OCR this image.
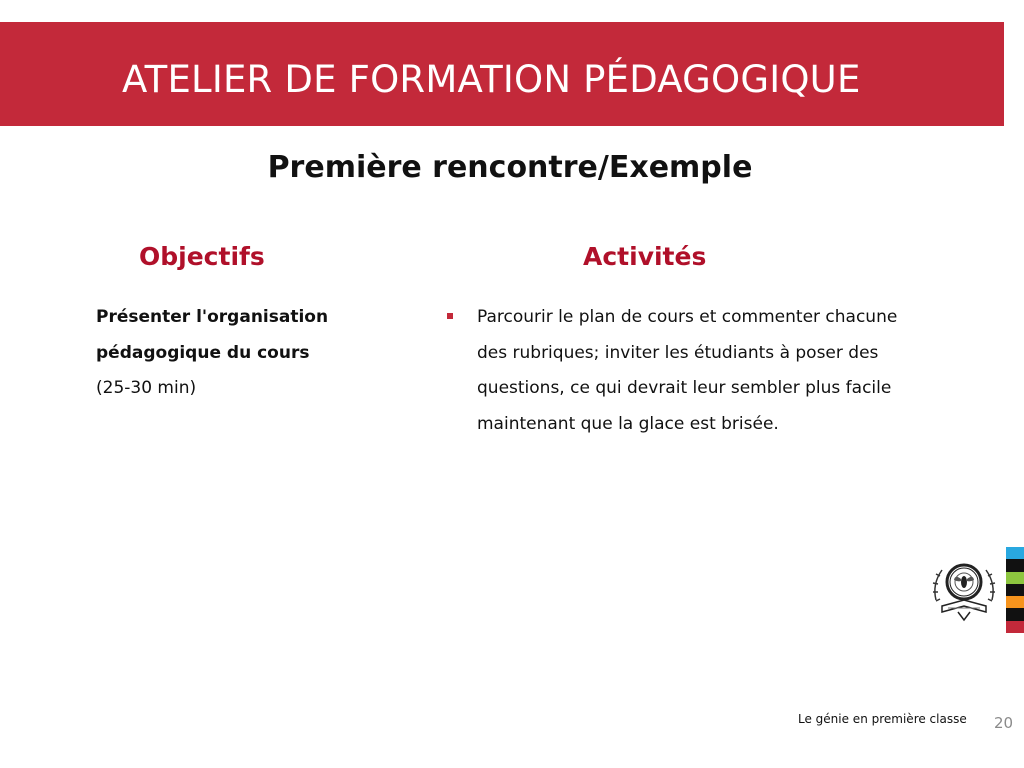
ATELIER DE FORMATION PÉDAGOGIQUE
Première rencontre/Exemple
Objectifs	Activités
Présenter l'organisation
pédagogique du cours
(25-30 min)
Parcourir le plan de cours et commenter chacune des rubriques; inviter les étudiants à poser des questions, ce qui devrait leur sembler plus facile maintenant que la glace est brisée.
Le génie en première classe 20
